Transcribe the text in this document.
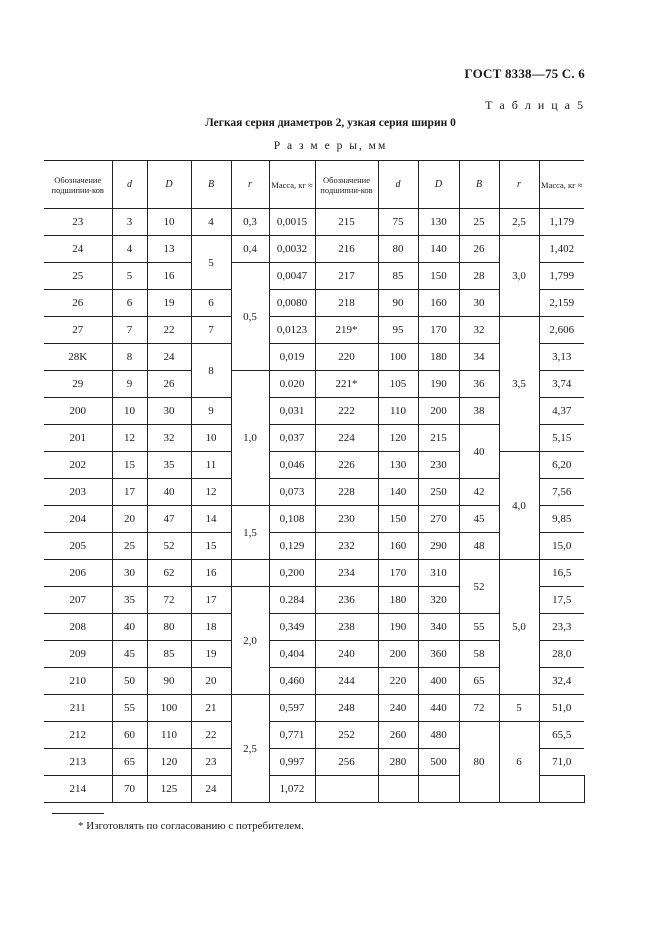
ГОСТ 8338—75 С. 6
Т а б л и ц а 5
Легкая серия диаметров 2, узкая серия ширин 0
Р а з м е р ы, мм
Обозначение подшипни-ков	d	D	B	r	Масса, кг ≈	Обозначение подшипни-ков	d	D	B	r	Масса, кг ≈	
23	3	10	4	0,3	0,0015	215	75	130	25	2,5	1,179	
24	4	13	5	0,4	0,0032	216	80	140	26	3,0	1,402	
25	5	16		0,5	0,0047	217	85	150	28		1,799	
26	6	19	6		0,0080	218	90	160	30		2,159	
27	7	22	7		0,0123	219*	95	170	32	3,5	2,606	
28K	8	24	8		0,019	220	100	180	34		3,13	
29	9	26		1,0	0.020	221*	105	190	36		3,74	
200	10	30	9		0,031	222	110	200	38		4,37	
201	12	32	10		0,037	224	120	215	40		5,15	
202	15	35	11		0,046	226	130	230		4,0	6,20	
203	17	40	12		0,073	228	140	250	42		7,56	
204	20	47	14	1,5	0,108	230	150	270	45		9,85	
205	25	52	15		0,129	232	160	290	48		15,0	
206	30	62	16		0,200	234	170	310	52	5,0	16,5	
207	35	72	17	2,0	0.284	236	180	320			17,5	
208	40	80	18		0,349	238	190	340	55		23,3	
209	45	85	19		0,404	240	200	360	58		28,0	
210	50	90	20		0,460	244	220	400	65		32,4	
211	55	100	21	2,5	0,597	248	240	440	72	5	51,0	
212	60	110	22		0,771	252	260	480	80	6	65,5	
213	65	120	23		0,997	256	280	500			71,0	
214	70	125	24		1,072							
* Изготовлять по согласованию с потребителем.
